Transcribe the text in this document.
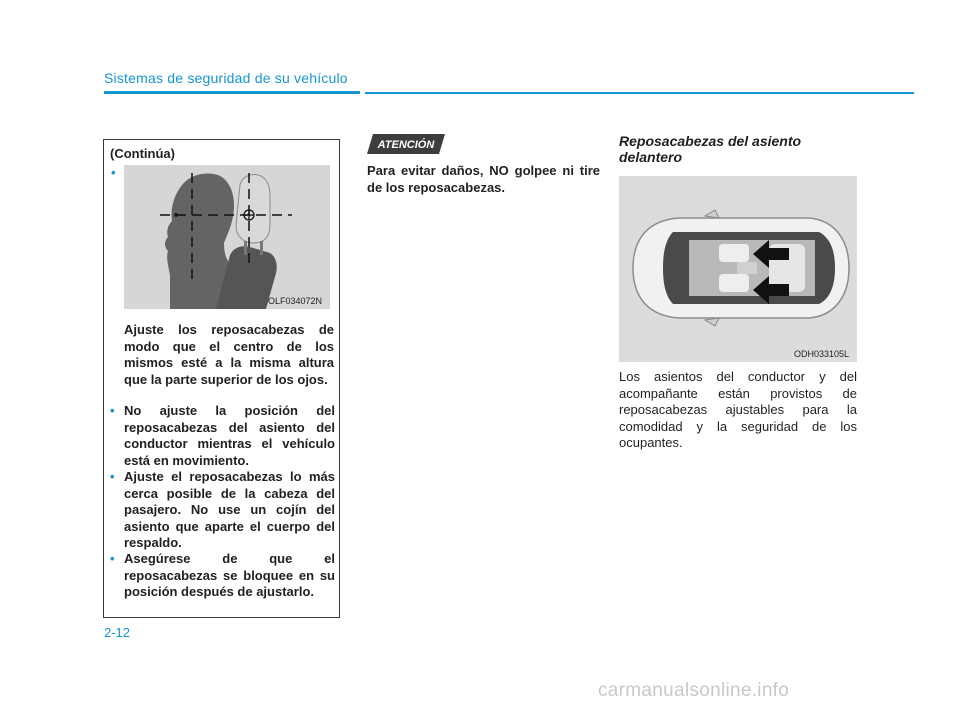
Sistemas de seguridad de su vehículo
(Continúa)
•
OLF034072N
Ajuste los reposacabezas de modo que el centro de los mismos esté a la misma altura que la parte superior de los ojos.
• No ajuste la posición del reposacabezas del asiento del conductor mientras el vehículo está en movimiento.
• Ajuste el reposacabezas lo más cerca posible de la cabeza del pasajero. No use un cojín del asiento que aparte el cuerpo del respaldo.
• Asegúrese de que el reposacabezas se bloquee en su posición después de ajustarlo.
ATENCIÓN
Para evitar daños, NO golpee ni tire de los reposacabezas.
Reposacabezas del asiento delantero
ODH033105L
Los asientos del conductor y del acompañante están provistos de reposacabezas ajustables para la comodidad y la seguridad de los ocupantes.
2-12
carmanualsonline.info
